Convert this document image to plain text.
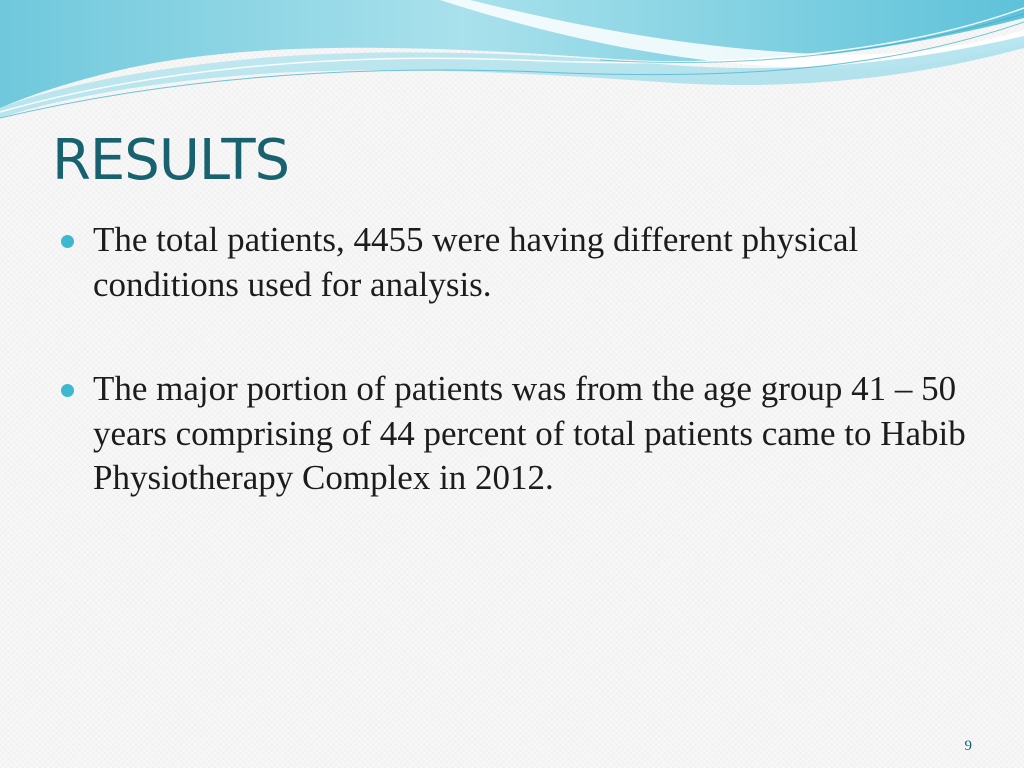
RESULTS
The total patients, 4455 were having different physical conditions used for analysis.
The major portion of patients was from the age group 41 – 50 years comprising of 44 percent of total patients came to Habib Physiotherapy Complex in 2012.
9
